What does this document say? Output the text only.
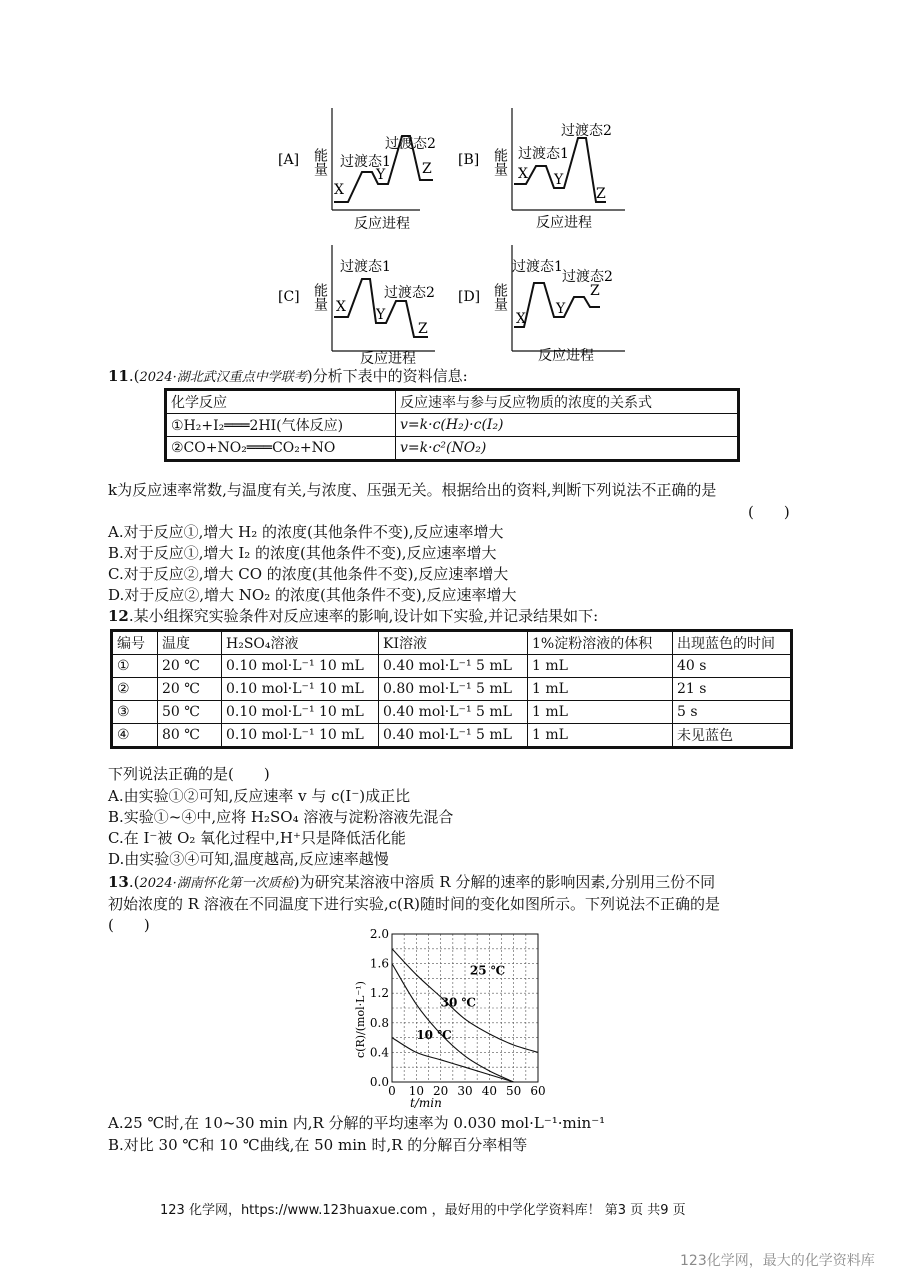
[A] 能量
X
过渡态1
Y
过渡态2
Z
反应进程
[B] 能量 X
过渡态1
Y
过渡态2
Z
反应进程
[C] 能量 X
过渡态1
Y
过渡态2
Z
反应进程
[D] 能量
X
过渡态1
Y
过渡态2
Z
反应进程
11.(2024·湖北武汉重点中学联考)分析下表中的资料信息:
化学反应	反应速率与参与反应物质的浓度的关系式
①H₂+I₂═══2HI(气体反应)	v=k·c(H₂)·c(I₂)
②CO+NO₂═══CO₂+NO	v=k·c²(NO₂)
k为反应速率常数,与温度有关,与浓度、压强无关。根据给出的资料,判断下列说法不正确的是
(　　)
A.对于反应①,增大 H₂ 的浓度(其他条件不变),反应速率增大
B.对于反应①,增大 I₂ 的浓度(其他条件不变),反应速率增大
C.对于反应②,增大 CO 的浓度(其他条件不变),反应速率增大
D.对于反应②,增大 NO₂ 的浓度(其他条件不变),反应速率增大
12.某小组探究实验条件对反应速率的影响,设计如下实验,并记录结果如下:
编号	温度	H₂SO₄溶液	KI溶液	1%淀粉溶液的体积	出现蓝色的时间
①	20 ℃	0.10 mol·L⁻¹ 10 mL	0.40 mol·L⁻¹ 5 mL	1 mL	40 s
②	20 ℃	0.10 mol·L⁻¹ 10 mL	0.80 mol·L⁻¹ 5 mL	1 mL	21 s
③	50 ℃	0.10 mol·L⁻¹ 10 mL	0.40 mol·L⁻¹ 5 mL	1 mL	5 s
④	80 ℃	0.10 mol·L⁻¹ 10 mL	0.40 mol·L⁻¹ 5 mL	1 mL	未见蓝色
下列说法正确的是(　　)
A.由实验①②可知,反应速率 v 与 c(I⁻)成正比
B.实验①~④中,应将 H₂SO₄ 溶液与淀粉溶液先混合
C.在 I⁻被 O₂ 氧化过程中,H⁺只是降低活化能
D.由实验③④可知,温度越高,反应速率越慢
13.(2024·湖南怀化第一次质检)为研究某溶液中溶质 R 分解的速率的影响因素,分别用三份不同
初始浓度的 R 溶液在不同温度下进行实验,c(R)随时间的变化如图所示。下列说法不正确的是
(　　)
0 10 20 30 40 50 60
0.0
0.4
0.8
1.2
1.6
2.0
t/min
c(R)/(mol·L⁻¹)
25 ℃
30 ℃
10 ℃
A.25 ℃时,在 10~30 min 内,R 分解的平均速率为 0.030 mol·L⁻¹·min⁻¹
B.对比 30 ℃和 10 ℃曲线,在 50 min 时,R 的分解百分率相等
123 化学网，https://www.123huaxue.com ，最好用的中学化学资料库！ 第3 页 共9 页
123化学网，最大的化学资料库
